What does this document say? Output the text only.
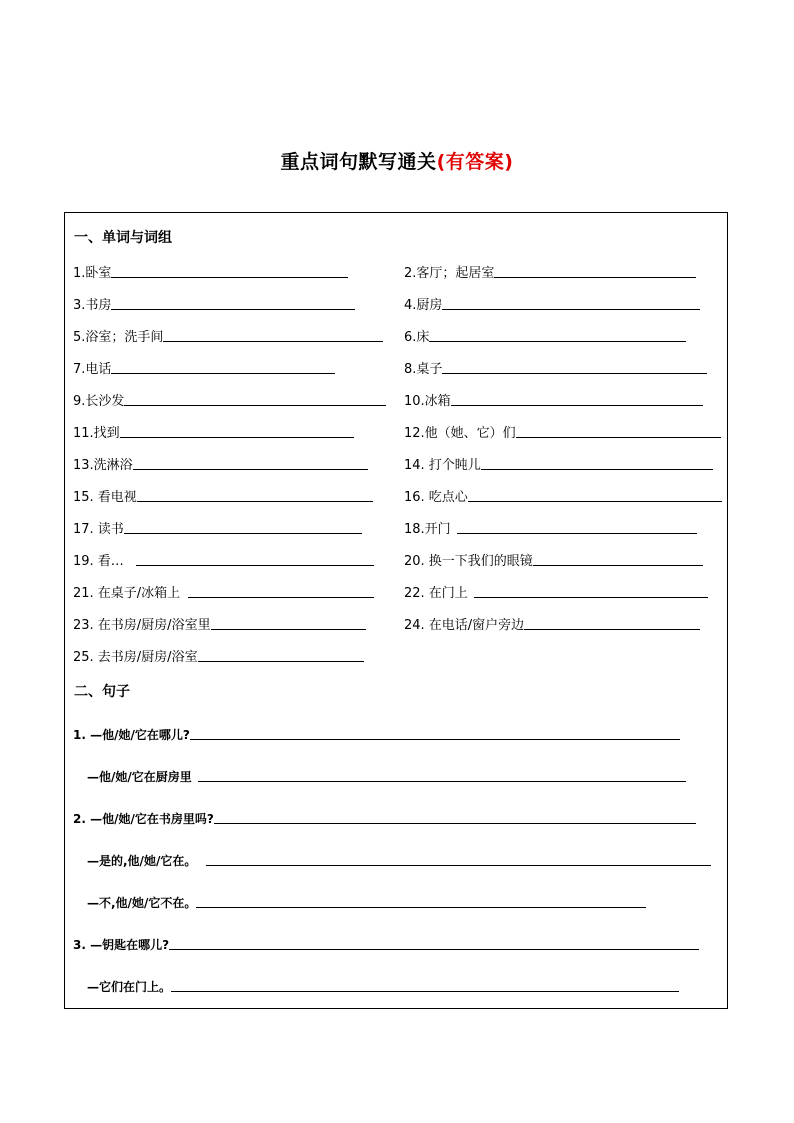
重点词句默写通关(有答案)
一、单词与词组
1.卧室	2.客厅；起居室
3.书房	4.厨房
5.浴室；洗手间	6.床
7.电话	8.桌子
9.长沙发	10.冰箱
11.找到	12.他（她、它）们
13.洗淋浴	14. 打个盹儿
15. 看电视	16. 吃点心
17. 读书	18.开门
19. 看…	20. 换一下我们的眼镜
21. 在桌子/冰箱上	22. 在门上
23. 在书房/厨房/浴室里	24. 在电话/窗户旁边
25. 去书房/厨房/浴室
二、句子
1. —他/她/它在哪儿?
—他/她/它在厨房里
2. —他/她/它在书房里吗?
—是的,他/她/它在。
—不,他/她/它不在。
3. —钥匙在哪儿?
—它们在门上。
